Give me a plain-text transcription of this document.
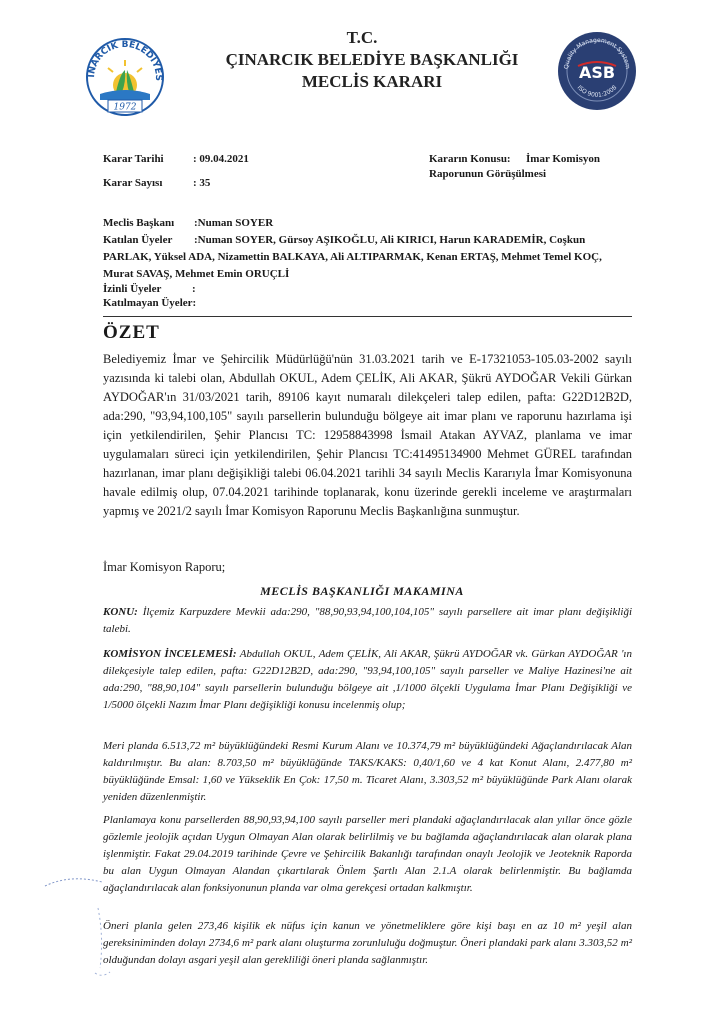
INARCIK BELEDİYES
1972
T.C.
ÇINARCIK BELEDİYE BAŞKANLIĞI
MECLİS KARARI
Quality Management System
ASB
ISO 9001:2008
Karar Tarihi	: 09.04.2021
Karar Sayısı	: 35
Kararın Konusu: İmar Komisyon
Raporunun Görüşülmesi
Meclis Başkanı :Numan SOYER
Katılan Üyeler :Numan SOYER, Gürsoy AŞIKOĞLU, Ali KIRICI, Harun KARADEMİR, Coşkun
PARLAK, Yüksel ADA, Nizamettin BALKAYA, Ali ALTIPARMAK, Kenan ERTAŞ, Mehmet Temel KOÇ,
Murat SAVAŞ, Mehmet Emin ORUÇLİ
İzinli Üyeler	:
Katılmayan Üyeler:
ÖZET
Belediyemiz İmar ve Şehircilik Müdürlüğü'nün 31.03.2021 tarih ve E-17321053-105.03-2002 sayılı yazısında ki talebi olan, Abdullah OKUL, Adem ÇELİK, Ali AKAR, Şükrü AYDOĞAR Vekili Gürkan AYDOĞAR'ın 31/03/2021 tarih, 89106 kayıt numaralı dilekçeleri talep edilen, pafta: G22D12B2D, ada:290, "93,94,100,105" sayılı parsellerin bulunduğu bölgeye ait imar planı ve raporunu hazırlama işi için yetkilendirilen, Şehir Plancısı TC: 12958843998 İsmail Atakan AYVAZ, planlama ve imar uygulamaları süreci için yetkilendirilen, Şehir Plancısı TC:41495134900 Mehmet GÜREL tarafından hazırlanan, imar planı değişikliği talebi 06.04.2021 tarihli 34 sayılı Meclis Kararıyla İmar Komisyonuna havale edilmiş olup, 07.04.2021 tarihinde toplanarak, konu üzerinde gerekli inceleme ve araştırmaları yapmış ve 2021/2 sayılı İmar Komisyon Raporunu Meclis Başkanlığına sunmuştur.
İmar Komisyon Raporu;
MECLİS BAŞKANLIĞI MAKAMINA
KONU: İlçemiz Karpuzdere Mevkii ada:290, "88,90,93,94,100,104,105" sayılı parsellere ait imar planı değişikliği talebi.
KOMİSYON İNCELEMESİ: Abdullah OKUL, Adem ÇELİK, Ali AKAR, Şükrü AYDOĞAR vk. Gürkan AYDOĞAR 'ın dilekçesiyle talep edilen, pafta: G22D12B2D, ada:290, "93,94,100,105" sayılı parseller ve Maliye Hazinesi'ne ait ada:290, "88,90,104" sayılı parsellerin bulunduğu bölgeye ait ,1/1000 ölçekli Uygulama İmar Planı Değişikliği ve 1/5000 ölçekli Nazım İmar Planı değişikliği konusu incelenmiş olup;
Meri planda 6.513,72 m² büyüklüğündeki Resmi Kurum Alanı ve 10.374,79 m² büyüklüğündeki Ağaçlandırılacak Alan kaldırılmıştır. Bu alan: 8.703,50 m² büyüklüğünde TAKS/KAKS: 0,40/1,60 ve 4 kat Konut Alanı, 2.477,80 m² büyüklüğünde Emsal: 1,60 ve Yükseklik En Çok: 17,50 m. Ticaret Alanı, 3.303,52 m² büyüklüğünde Park Alanı olarak yeniden düzenlenmiştir.
Planlamaya konu parsellerden 88,90,93,94,100 sayılı parseller meri plandaki ağaçlandırılacak alan yıllar önce gözle gözlemle jeolojik açıdan Uygun Olmayan Alan olarak belirlilmiş ve bu bağlamda ağaçlandırılacak alan olarak plana işlenmiştir. Fakat 29.04.2019 tarihinde Çevre ve Şehircilik Bakanlığı tarafından onaylı Jeolojik ve Jeoteknik Raporda bu alan Uygun Olmayan Alandan çıkartılarak Önlem Şartlı Alan 2.1.A olarak belirlenmiştir. Bu bağlamda ağaçlandırılacak alan fonksiyonunun planda var olma gerekçesi ortadan kalkmıştır.
Öneri planla gelen 273,46 kişilik ek nüfus için kanun ve yönetmeliklere göre kişi başı en az 10 m² yeşil alan gereksiniminden dolayı 2734,6 m² park alanı oluşturma zorunluluğu doğmuştur. Öneri plandaki park alanı 3.303,52 m² olduğundan dolayı asgari yeşil alan gerekliliği öneri planda sağlanmıştır.
